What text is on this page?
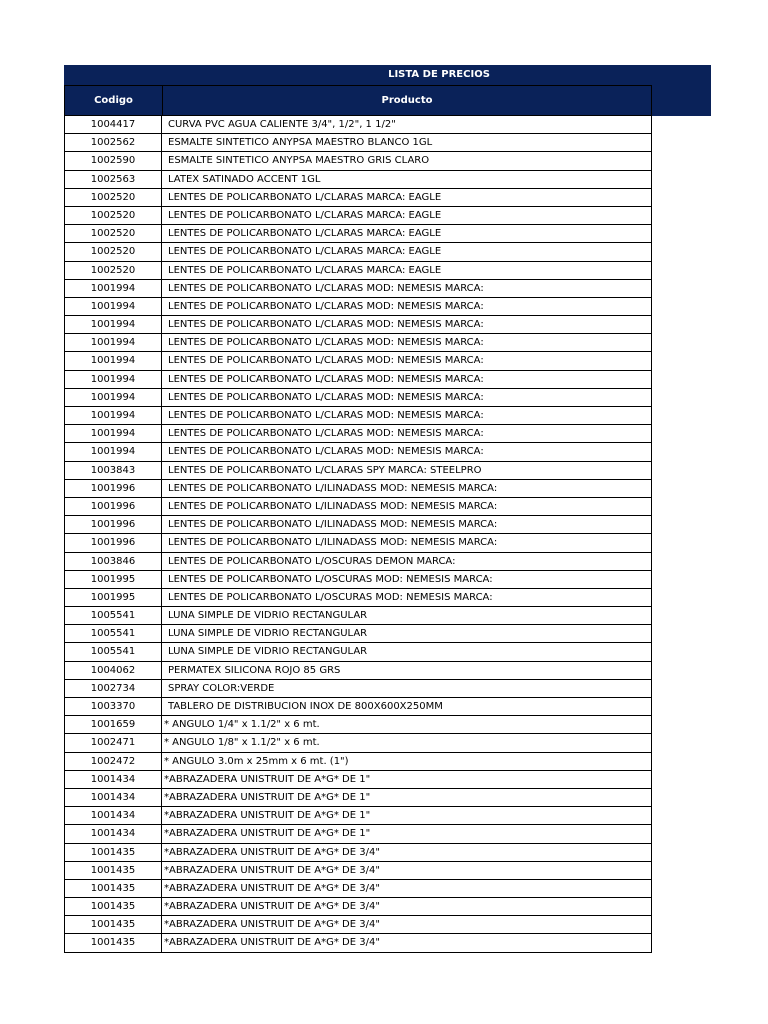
LISTA DE PRECIOS
Codigo	Producto
1004417	CURVA PVC AGUA CALIENTE 3/4", 1/2", 1 1/2"
1002562	ESMALTE SINTETICO ANYPSA MAESTRO BLANCO 1GL
1002590	ESMALTE SINTETICO ANYPSA MAESTRO GRIS CLARO
1002563	LATEX SATINADO ACCENT 1GL
1002520	LENTES DE POLICARBONATO L/CLARAS MARCA: EAGLE
1002520	LENTES DE POLICARBONATO L/CLARAS MARCA: EAGLE
1002520	LENTES DE POLICARBONATO L/CLARAS MARCA: EAGLE
1002520	LENTES DE POLICARBONATO L/CLARAS MARCA: EAGLE
1002520	LENTES DE POLICARBONATO L/CLARAS MARCA: EAGLE
1001994	LENTES DE POLICARBONATO L/CLARAS MOD: NEMESIS MARCA:
1001994	LENTES DE POLICARBONATO L/CLARAS MOD: NEMESIS MARCA:
1001994	LENTES DE POLICARBONATO L/CLARAS MOD: NEMESIS MARCA:
1001994	LENTES DE POLICARBONATO L/CLARAS MOD: NEMESIS MARCA:
1001994	LENTES DE POLICARBONATO L/CLARAS MOD: NEMESIS MARCA:
1001994	LENTES DE POLICARBONATO L/CLARAS MOD: NEMESIS MARCA:
1001994	LENTES DE POLICARBONATO L/CLARAS MOD: NEMESIS MARCA:
1001994	LENTES DE POLICARBONATO L/CLARAS MOD: NEMESIS MARCA:
1001994	LENTES DE POLICARBONATO L/CLARAS MOD: NEMESIS MARCA:
1001994	LENTES DE POLICARBONATO L/CLARAS MOD: NEMESIS MARCA:
1003843	LENTES DE POLICARBONATO L/CLARAS SPY MARCA: STEELPRO
1001996	LENTES DE POLICARBONATO L/ILINADASS MOD: NEMESIS MARCA:
1001996	LENTES DE POLICARBONATO L/ILINADASS MOD: NEMESIS MARCA:
1001996	LENTES DE POLICARBONATO L/ILINADASS MOD: NEMESIS MARCA:
1001996	LENTES DE POLICARBONATO L/ILINADASS MOD: NEMESIS MARCA:
1003846	LENTES DE POLICARBONATO L/OSCURAS DEMON MARCA:
1001995	LENTES DE POLICARBONATO L/OSCURAS MOD: NEMESIS MARCA:
1001995	LENTES DE POLICARBONATO L/OSCURAS MOD: NEMESIS MARCA:
1005541	LUNA SIMPLE DE VIDRIO RECTANGULAR
1005541	LUNA SIMPLE DE VIDRIO RECTANGULAR
1005541	LUNA SIMPLE DE VIDRIO RECTANGULAR
1004062	PERMATEX SILICONA ROJO 85 GRS
1002734	SPRAY COLOR:VERDE
1003370	TABLERO DE DISTRIBUCION INOX DE 800X600X250MM
1001659	* ANGULO 1/4" x 1.1/2" x 6 mt.
1002471	* ANGULO 1/8" x 1.1/2" x 6 mt.
1002472	* ANGULO 3.0m x 25mm x 6 mt. (1")
1001434	*ABRAZADERA UNISTRUIT DE A*G* DE 1"
1001434	*ABRAZADERA UNISTRUIT DE A*G* DE 1"
1001434	*ABRAZADERA UNISTRUIT DE A*G* DE 1"
1001434	*ABRAZADERA UNISTRUIT DE A*G* DE 1"
1001435	*ABRAZADERA UNISTRUIT DE A*G* DE 3/4"
1001435	*ABRAZADERA UNISTRUIT DE A*G* DE 3/4"
1001435	*ABRAZADERA UNISTRUIT DE A*G* DE 3/4"
1001435	*ABRAZADERA UNISTRUIT DE A*G* DE 3/4"
1001435	*ABRAZADERA UNISTRUIT DE A*G* DE 3/4"
1001435	*ABRAZADERA UNISTRUIT DE A*G* DE 3/4"
